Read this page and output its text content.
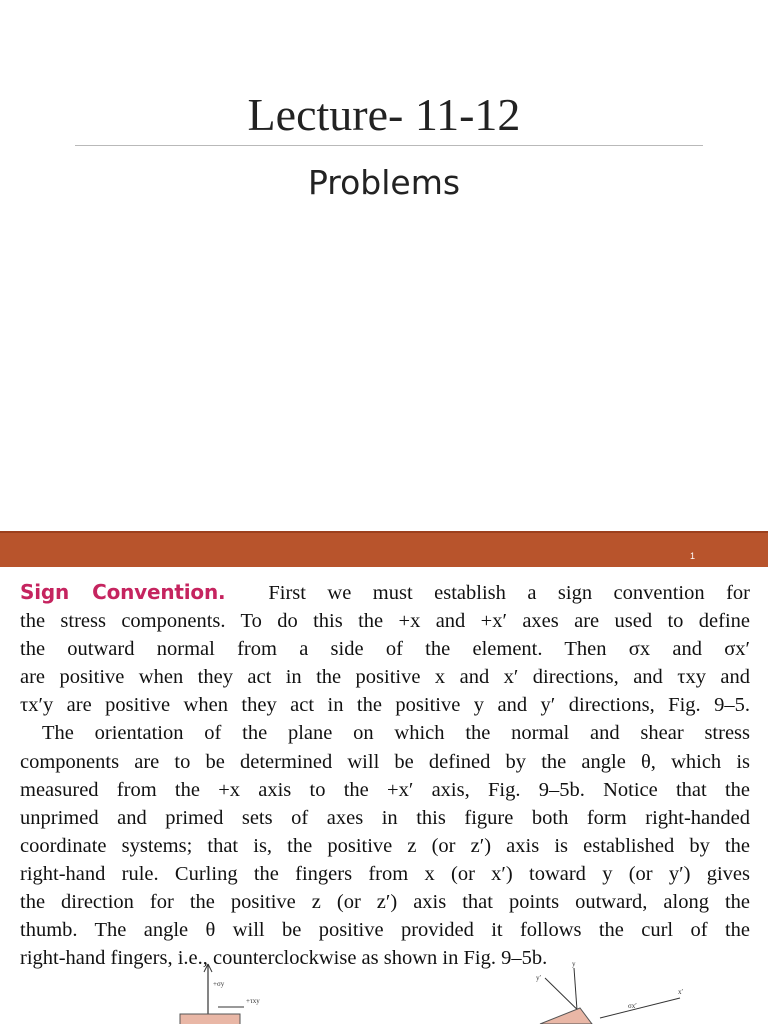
Lecture- 11-12
Problems
1
Sign Convention. First we must establish a sign convention for
the stress components. To do this the +x and +x′ axes are used to define
the outward normal from a side of the element. Then σx and σx′
are positive when they act in the positive x and x′ directions, and τxy and
τx′y are positive when they act in the positive y and y′ directions, Fig. 9–5.
The orientation of the plane on which the normal and shear stress
components are to be determined will be defined by the angle θ, which is
measured from the +x axis to the +x′ axis, Fig. 9–5b. Notice that the
unprimed and primed sets of axes in this figure both form right-handed
coordinate systems; that is, the positive z (or z′) axis is established by the
right-hand rule. Curling the fingers from x (or x′) toward y (or y′) gives
the direction for the positive z (or z′) axis that points outward, along the
thumb. The angle θ will be positive provided it follows the curl of the
right-hand fingers, i.e., counterclockwise as shown in Fig. 9–5b.
+σy
+τxy
y′
y
x′
σx′
